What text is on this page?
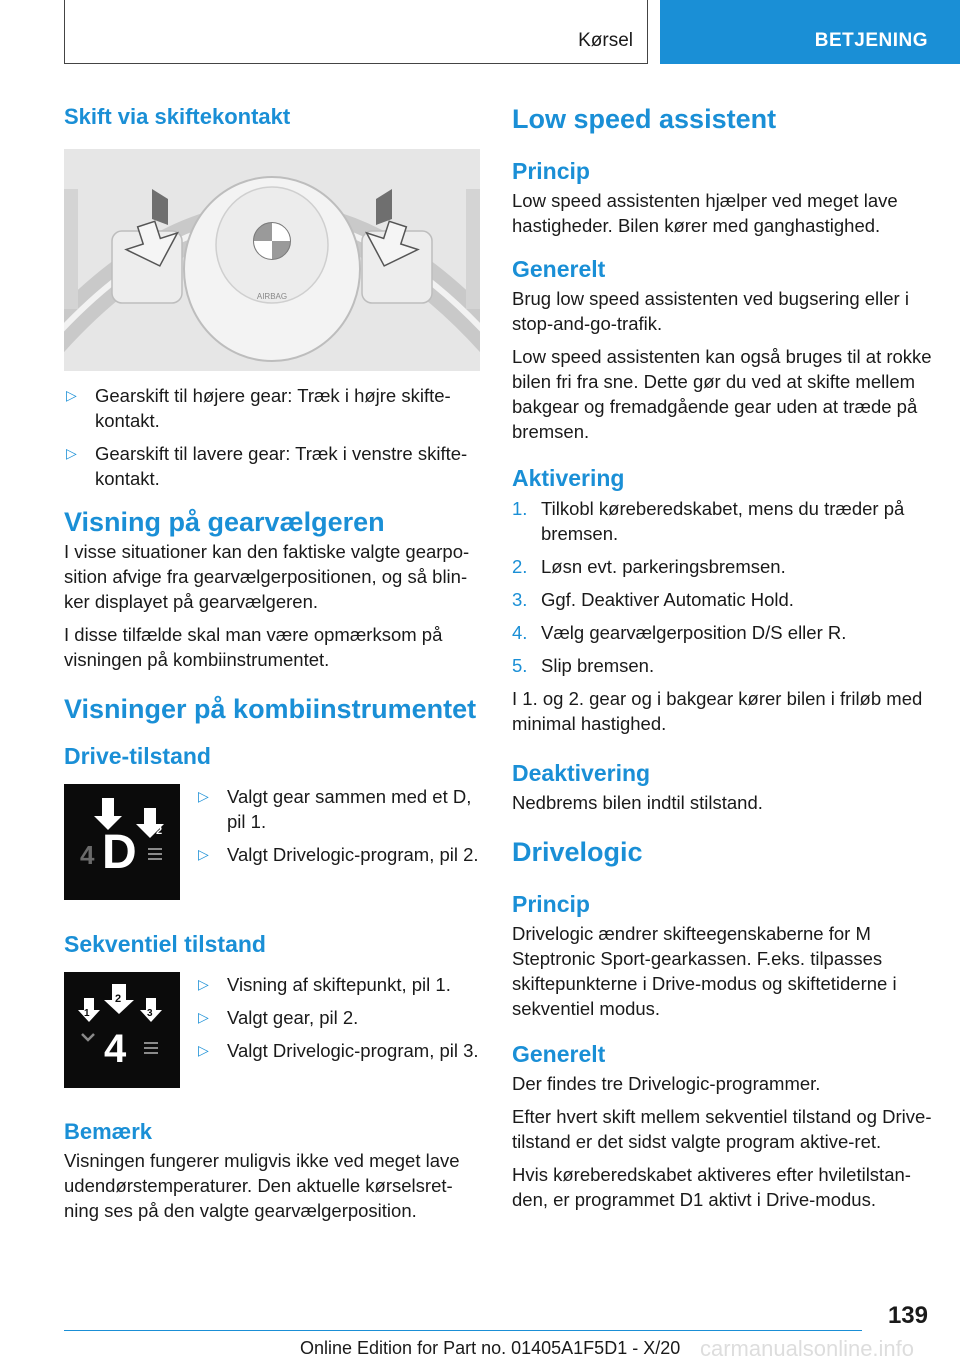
Kørsel	BETJENING
Skift via skiftekontakt
AIRBAG
▷ Gearskift til højere gear: Træk i højre skifte-kontakt.
▷ Gearskift til lavere gear: Træk i venstre skifte-kontakt.
Visning på gearvælgeren

I visse situationer kan den faktiske valgte gearpo-sition afvige fra gearvælgerpositionen, og så blin-ker displayet på gearvælgeren.

I disse tilfælde skal man være opmærksom på visningen på kombiinstrumentet.

Visninger på kombiinstrumentet
Drive-tilstand
4 D 2
▷ Valgt gear sammen med et D, pil 1.
▷ Valgt Drivelogic-program, pil 2.
Sekventiel tilstand
1
2
3
4
▷ Visning af skiftepunkt, pil 1.
▷ Valgt gear, pil 2.
▷ Valgt Drivelogic-program, pil 3.
Bemærk

Visningen fungerer muligvis ikke ved meget lave udendørstemperaturer. Den aktuelle kørselsret-ning ses på den valgte gearvælgerposition.

Low speed assistent
Princip

Low speed assistenten hjælper ved meget lave hastigheder. Bilen kører med ganghastighed.

Generelt

Brug low speed assistenten ved bugsering eller i stop-and-go-trafik.

Low speed assistenten kan også bruges til at rokke bilen fri fra sne. Dette gør du ved at skifte mellem bakgear og fremadgående gear uden at træde på bremsen.

Aktivering
1. Tilkobl køreberedskabet, mens du træder på bremsen.
2. Løsn evt. parkeringsbremsen.
3. Ggf. Deaktiver Automatic Hold.
4. Vælg gearvælgerposition D/S eller R.
5. Slip bremsen.

I 1. og 2. gear og i bakgear kører bilen i friløb med minimal hastighed.

Deaktivering

Nedbrems bilen indtil stilstand.

Drivelogic
Princip

Drivelogic ændrer skifteegenskaberne for M Steptronic Sport-gearkassen. F.eks. tilpasses skiftepunkterne i Drive-modus og skiftetiderne i sekventiel modus.

Generelt

Der findes tre Drivelogic-programmer.

Efter hvert skift mellem sekventiel tilstand og Drive-tilstand er det sidst valgte program aktive-ret.

Hvis køreberedskabet aktiveres efter hviletilstan-den, er programmet D1 aktivt i Drive-modus.

139
Online Edition for Part no. 01405A1F5D1 - X/20 carmanualsonline.info
